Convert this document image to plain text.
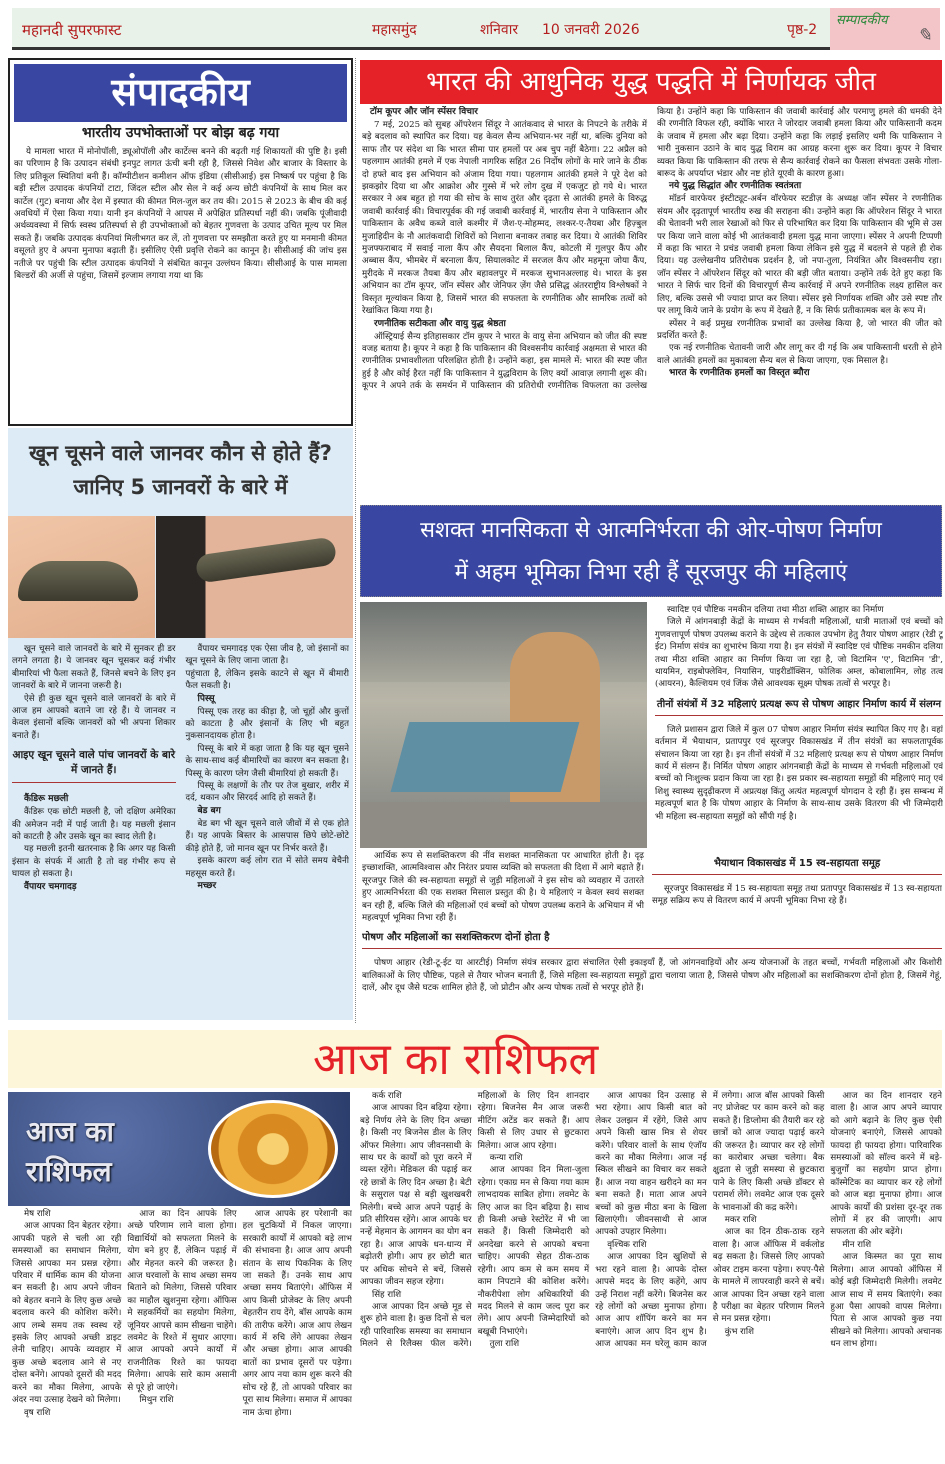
महानदी सुपरफास्ट	महासमुंद	शनिवार 10 जनवरी 2026	पृष्ठ-2
सम्पादकीय
✎
संपादकीय
भारतीय उपभोक्ताओं पर बोझ बढ़ गया

ये मामला भारत में मोनोपॉली, ड्यूओपॉली और कार्टेल्स बनने की बढ़ती गई शिकायतों की पुष्टि है। इसी का परिणाम है कि उत्पादन संबंधी इनपुट लागत ऊंची बनी रही है, जिससे निवेश और बाजार के विस्तार के लिए प्रतिकूल स्थितियां बनी हैं। कॉम्पीटीशन कमीशन ऑफ इंडिया (सीसीआई) इस निष्कर्ष पर पहुंचा है कि बड़ी स्टील उत्पादक कंपनियों टाटा, जिंदल स्टील और सेल ने कई अन्य छोटी कंपनियों के साथ मिल कर कार्टेल (गुट) बनाया और देश में इस्पात की कीमत मिल-जुल कर तय की। 2015 से 2023 के बीच की कई अवधियों में ऐसा किया गया। यानी इन कंपनियों ने आपस में अपेक्षित प्रतिस्पर्धा नहीं की। जबकि पूंजीवादी अर्थव्यवस्था में सिर्फ स्वस्थ प्रतिस्पर्धा से ही उपभोक्ताओं को बेहतर गुणवत्ता के उत्पाद उचित मूल्य पर मिल सकते हैं। जबकि उत्पादक कंपनियां मिलीभगत कर लें, तो गुणवत्ता पर समझौता करते हुए या मनमानी कीमत वसूलते हुए वे अपना मुनाफा बढ़ाती हैं। इसीलिए ऐसी प्रवृत्ति रोकने का कानून है। सीसीआई की जांच इस नतीजे पर पहुंची कि स्टील उत्पादक कंपनियों ने संबंधित कानून उल्लंघन किया। सीसीआई के पास मामला बिल्डरों की अर्जी से पहुंचा, जिसमें इल्जाम लगाया गया था कि

खून चूसने वाले जानवर कौन से होते हैं?
जानिए 5 जानवरों के बारे में

खून चूसने वाले जानवरों के बारे में सुनकर ही डर लगने लगता है। ये जानवर खून चूसकर कई गंभीर बीमारियां भी फैला सकते हैं, जिनसे बचने के लिए इन जानवरों के बारे में जानना जरूरी है।

ऐसे ही कुछ खून चूसने वाले जानवरों के बारे में आज हम आपको बताने जा रहे हैं। ये जानवर न केवल इंसानों बल्कि जानवरों को भी अपना शिकार बनाते हैं।

आइए खून चूसने वाले पांच जानवरों के बारे में जानते हैं।

कैंडिरू मछली

कैंडिरू एक छोटी मछली है, जो दक्षिण अमेरिका की अमेजन नदी में पाई जाती है। यह मछली इंसान को काटती है और उसके खून का स्वाद लेती है।

यह मछली इतनी खतरनाक है कि अगर यह किसी इंसान के संपर्क में आती है तो वह गंभीर रूप से घायल हो सकता है।

वैंपायर चमगादड़

वैंपायर चमगादड़ एक ऐसा जीव है, जो इंसानों का खून चूसने के लिए जाना जाता है।

पहुंचाता है, लेकिन इसके काटने से खून में बीमारी फैल सकती है।

पिस्सू

पिस्सू एक तरह का कीड़ा है, जो चूहों और कुत्तों को काटता है और इंसानों के लिए भी बहुत नुकसानदायक होता है।

पिस्सू के बारे में कहा जाता है कि यह खून चूसने के साथ-साथ कई बीमारियों का कारण बन सकता है। पिस्सू के कारण प्लेग जैसी बीमारियां हो सकती हैं।

पिस्सू के लक्षणों के तौर पर तेज बुखार, शरीर में दर्द, थकान और सिरदर्द आदि हो सकते हैं।

बेड बग

बेड बग भी खून चूसने वाले जीवों में से एक होते हैं। यह आपके बिस्तर के आसपास छिपे छोटे-छोटे कीड़े होते हैं, जो मानव खून पर निर्भर करते हैं।

इसके कारण कई लोग रात में सोते समय बेचैनी महसूस करते हैं।

मच्छर

भारत की आधुनिक युद्ध पद्धति में निर्णायक जीत

टॉम कूपर और जॉन स्पेंसर विचार

7 मई, 2025 को सुबह ऑपरेशन सिंदूर ने आतंकवाद से भारत के निपटने के तरीके में बड़े बदलाव को स्थापित कर दिया। यह केवल सैन्य अभियान-भर नहीं था, बल्कि दुनिया को साफ तौर पर संदेश था कि भारत सीमा पार हमलों पर अब चुप नहीं बैठेगा। 22 अप्रैल को पहलगाम आतंकी हमले में एक नेपाली नागरिक सहित 26 निर्दोष लोगों के मारे जाने के ठीक दो हफ्ते बाद इस अभियान को अंजाम दिया गया। पहलगाम आतंकी हमले ने पूरे देश को झकझोर दिया था और आक्रोश और गुस्से में भरे लोग दुख में एकजुट हो गये थे। भारत सरकार ने अब बहुत हो गया की सोच के साथ तुरंत और दृढ़ता से आतंकी हमले के विरुद्ध जवाबी कार्रवाई की। विचारपूर्वक की गई जवाबी कार्रवाई में, भारतीय सेना ने पाकिस्तान और पाकिस्तान के अवैध कब्जे वाले कश्मीर में जैश-ए-मोहम्मद, लश्कर-ए-तैयबा और हिज़्बुल मुजाहिदीन के नौ आतंकवादी शिविरों को निशाना बनाकर तबाह कर दिया। ये आतंकी शिविर मुजफ्फराबाद में सवाई नाला कैंप और सैयदना बिलाल कैंप, कोटली में गुलपुर कैंप और अब्बास कैंप, भीमबेर में बरनाला कैंप, सियालकोट में सरजल कैंप और महमूना जोया कैंप, मुरीदके में मरकज तैयबा कैंप और बहावलपुर में मरकज सुभानअल्लाह थे। भारत के इस अभियान का टॉम कूपर, जॉन स्पेंसर और जेनिफर ज़ेंग जैसे प्रसिद्ध अंतरराष्ट्रीय विश्लेषकों ने विस्तृत मूल्यांकन किया है, जिसमें भारत की सफलता के रणनीतिक और सामरिक तत्वों को रेखांकित किया गया है।

रणनीतिक सटीकता और वायु युद्ध श्रेष्ठता

ऑस्ट्रियाई सैन्य इतिहासकार टॉम कूपर ने भारत के वायु सेना अभियान को जीत की स्पष्ट वजह बताया है। कूपर ने कहा है कि पाकिस्तान की विश्वसनीय कार्रवाई अक्षमता से भारत की रणनीतिक प्रभावशीलता परिलक्षित होती है। उन्होंने कहा, इस मामले में: भारत की स्पष्ट जीत हुई है और कोई हैरत नहीं कि पाकिस्तान ने युद्धविराम के लिए क्यों आवाज़ लगानी शुरू की। कूपर ने अपने तर्क के समर्थन में पाकिस्तान की प्रतिरोधी रणनीतिक विफलता का उल्लेख किया है। उन्होंने कहा कि पाकिस्तान की जवाबी कार्रवाई और परमाणु हमले की धमकी देने की रणनीति विफल रही, क्योंकि भारत ने जोरदार जवाबी हमला किया और पाकिस्तानी कदम के जवाब में हमला और बढ़ा दिया। उन्होंने कहा कि लड़ाई इसलिए थमी कि पाकिस्तान ने भारी नुकसान उठाने के बाद युद्ध विराम का आग्रह करना शुरू कर दिया। कूपर ने विचार व्यक्त किया कि पाकिस्तान की तरफ से सैन्य कार्रवाई रोकने का फैसला संभवतः उसके गोला-बारूद के अपर्याप्त भंडार और नष्ट होते यूएवी के कारण हुआ।

नये युद्ध सिद्धांत और रणनीतिक स्वतंत्रता

मॉडर्न वारफेयर इंस्टीट्यूट-अर्बन वॉरफेयर स्टडीज़ के अध्यक्ष जॉन स्पेंसर ने रणनीतिक संयम और दृढ़तापूर्ण भारतीय रुख की सराहना की। उन्होंने कहा कि ऑपरेशन सिंदूर ने भारत की चेतावनी भरी लाल रेखाओं को फिर से परिभाषित कर दिया कि पाकिस्तान की भूमि से उस पर किया जाने वाला कोई भी आतंकवादी हमला युद्ध माना जाएगा। स्पेंसर ने अपनी टिप्पणी में कहा कि भारत ने प्रचंड जवाबी हमला किया लेकिन इसे युद्ध में बदलने से पहले ही रोक दिया। यह उल्लेखनीय प्रतिरोधक प्रदर्शन है, जो नपा-तुला, नियंत्रित और विश्वसनीय रहा। जॉन स्पेंसर ने ऑपरेशन सिंदूर को भारत की बड़ी जीत बताया। उन्होंने तर्क देते हुए कहा कि भारत ने सिर्फ चार दिनों की विचारपूर्ण सैन्य कार्रवाई में अपने रणनीतिक लक्ष्य हासिल कर लिए, बल्कि उससे भी ज्यादा प्राप्त कर लिया। स्पेंसर इसे निर्णायक शक्ति और उसे स्पष्ट तौर पर लागू किये जाने के प्रयोग के रूप में देखते हैं, न कि सिर्फ प्रतीकात्मक बल के रूप में।

स्पेंसर ने कई प्रमुख रणनीतिक प्रभावों का उल्लेख किया है, जो भारत की जीत को प्रदर्शित करते हैं:

एक नई रणनीतिक चेतावनी जारी और लागू कर दी गई कि अब पाकिस्तानी धरती से होने वाले आतंकी हमलों का मुकाबला सैन्य बल से किया जाएगा, एक मिसाल है।

भारत के रणनीतिक हमलों का विस्तृत ब्यौरा

सशक्त मानसिकता से आत्मनिर्भरता की ओर-पोषण निर्माण
में अहम भूमिका निभा रही हैं सूरजपुर की महिलाएं

स्वादिष्ट एवं पौष्टिक नमकीन दलिया तथा मीठा शक्ति आहार का निर्माण

जिले में आंगनबाड़ी केंद्रों के माध्यम से गर्भवती महिलाओं, धात्री माताओं एवं बच्चों को गुणवत्तापूर्ण पोषण उपलब्ध कराने के उद्देश्य से तत्काल उपभोग हेतु तैयार पोषण आहार (रेडी टू ईट) निर्माण संयंत्र का शुभारंभ किया गया है। इन संयंत्रों में स्वादिष्ट एवं पौष्टिक नमकीन दलिया तथा मीठा शक्ति आहार का निर्माण किया जा रहा है, जो विटामिन 'ए', विटामिन 'डी', थायमिन, राइबोफ्लेविन, नियासिन, पाइरीडॉक्सिन, फोलिक अम्ल, कोबालामिन, लोह तत्व (आयरन), कैल्शियम एवं जिंक जैसे आवश्यक सूक्ष्म पोषक तत्वों से भरपूर है।

तीनों संयंत्रों में 32 महिलाएं प्रत्यक्ष रूप से पोषण आहार निर्माण कार्य में संलग्न

जिले प्रशासन द्वारा जिले में कुल 07 पोषण आहार निर्माण संयंत्र स्थापित किए गए है। वहां वर्तमान में भैयाथान, प्रतापपुर एवं सूरजपुर विकासखंड में तीन संयंत्रों का सफलतापूर्वक संचालन किया जा रहा है। इन तीनों संयंत्रों में 32 महिलाएं प्रत्यक्ष रूप से पोषण आहार निर्माण कार्य में संलग्न हैं। निर्मित पोषण आहार आंगनबाड़ी केंद्रों के माध्यम से गर्भवती महिलाओं एवं बच्चों को निःशुल्क प्रदान किया जा रहा है। इस प्रकार स्व-सहायता समूहों की महिलाएं मातृ एवं शिशु स्वास्थ्य सुदृढ़ीकरण में अप्रत्यक्ष किंतु अत्यंत महत्वपूर्ण योगदान दे रही हैं। इस सम्बन्ध में महत्वपूर्ण बात है कि पोषण आहार के निर्माण के साथ-साथ उसके वितरण की भी जिम्मेदारी भी महिला स्व-सहायता समूहों को सौंपी गई है।

भैयाथान विकासखंड में 15 स्व-सहायता समूह

सूरजपुर विकासखंड में 15 स्व-सहायता समूह तथा प्रतापपुर विकासखंड में 13 स्व-सहायता समूह सक्रिय रूप से वितरण कार्य में अपनी भूमिका निभा रहे हैं।

आर्थिक रूप से सशक्तिकरण की नींव सशक्त मानसिकता पर आधारित होती है। दृढ़ इच्छाशक्ति, आत्मविश्वास और निरंतर प्रयास व्यक्ति को सफलता की दिशा में आगे बढ़ाते हैं। सूरजपुर जिले की स्व-सहायता समूहों से जुड़ी महिलाओं ने इस सोच को व्यवहार में उतारते हुए आत्मनिर्भरता की एक सशक्त मिसाल प्रस्तुत की है। ये महिलाएं न केवल स्वयं सशक्त बन रही हैं, बल्कि जिले की महिलाओं एवं बच्चों को पोषण उपलब्ध कराने के अभियान में भी महत्वपूर्ण भूमिका निभा रही हैं।

पोषण और महिलाओं का सशक्तिकरण दोनों होता है

पोषण आहार (रेडी-टू-ईट या आरटीई) निर्माण संयंत्र सरकार द्वारा संचालित ऐसी इकाइयाँ हैं, जो आंगनवाड़ियों और अन्य योजनाओं के तहत बच्चों, गर्भवती महिलाओं और किशोरी बालिकाओं के लिए पौष्टिक, पहले से तैयार भोजन बनाती हैं, जिसे महिला स्व-सहायता समूहों द्वारा चलाया जाता है, जिससे पोषण और महिलाओं का सशक्तिकरण दोनों होता है, जिसमें गेहूं, दालें, और दूध जैसे घटक शामिल होते हैं, जो प्रोटीन और अन्य पोषक तत्वों से भरपूर होते हैं।

आज का राशिफल
आज का
राशिफल

मेष राशि

आज आपका दिन बेहतर रहेगा। आपकी पहले से चली आ रही समस्याओं का समाधान मिलेगा, जिससे आपका मन प्रसन्न रहेगा। परिवार में धार्मिक काम की योजना बन सकती है। आप अपने जीवन को बेहतर बनाने के लिए कुछ अच्छे बदलाव करने की कोशिश करेंगे। आप लम्बे समय तक स्वस्थ रहें इसके लिए आपको अच्छी डाइट लेनी चाहिए। आपके व्यवहार में कुछ अच्छे बदलाव आने से नए दोस्त बनेंगे। आपको दूसरों की मदद करने का मौका मिलेगा, आपके अंदर नया उत्साह देखने को मिलेगा।

वृष राशि

आज का दिन आपके लिए अच्छे परिणाम लाने वाला होगा। विद्यार्थियों को सफलता मिलने के योग बने हुए हैं, लेकिन पढ़ाई में और मेहनत करने की जरूरत है। आज घरवालों के साथ अच्छा समय बिताने को मिलेगा, जिससे परिवार का माहौल खुशनुमा रहेगा। ऑफिस मे सहकर्मियों का सहयोग मिलेगा, जूनियर आपसे काम सीखना चाहेंगे। लवमेट के रिश्ते में सुधार आएगा। आज आपको अपने कार्यों में राजनीतिक रिश्ते का फायदा मिलेगा। आपके सारे काम असानी से पूरे हो जाएंगे।

मिथुन राशि

आज आपके हर परेशानी का हल चुटकियों में निकल जाएगा। सरकारी कार्यों में आपको बड़े लाभ की संभावना है। आज आप अपनी संतान के साथ पिकनिक के लिए जा सकते हैं। उनके साथ आप अच्छा समय बिताएंगे। ऑफिस में आप किसी प्रोजेक्ट के लिए अपनी बेहतरीन राय देंगे, बॉस आपके काम की तारीफ करेंगे। आज आप लेखन कार्य में रुचि लेंगे आपका लेखन और अच्छा होगा। आज आपकी बातों का प्रभाव दूसरों पर पड़ेगा। अगर आप नया काम शुरू करने की सोच रहे हैं, तो आपको परिवार का पूरा साथ मिलेगा। समाज में आपका नाम ऊंचा होगा।

कर्क राशि

आज आपका दिन बढ़िया रहेगा। बड़े निर्णय लेने के लिए दिन अच्छा है। किसी नए बिजनेस डील के लिए ऑफर मिलेगा। आप जीवनसाथी के साथ घर के कार्यों को पूरा करने में व्यस्त रहेंगे। मेडिकल की पढ़ाई कर रहे छात्रों के लिए दिन अच्छा है। बेटी के ससुराल पक्ष से बड़ी खुशखबरी मिलेगी। बच्चे आज अपने पढ़ाई के प्रति सीरियस रहेंगे। आज आपके घर नन्हें मेहमान के आगमन का योग बन रहा है। आज आपके धन-धान्य में बढ़ोतरी होगी। आप हर छोटी बात पर अधिक सोचने से बचें, जिससे आपका जीवन सहज रहेगा।

सिंह राशि

आज आपका दिन अच्छे मूड से शुरू होने वाला है। कुछ दिनों से चल रही पारिवारिक समस्या का समाधान मिलने से रिलैक्स फील करेंगे। महिलाओं के लिए दिन शानदार रहेगा। बिजनेस मैन आज जरूरी मीटिंग अटेंड कर सकते हैं। आप किसी से लिए उधार से छुटकारा मिलेगा। आज आप रहेगा।

कन्या राशि

आज आपका दिन मिला-जुला रहेगा। एकाग्र मन से किया गया काम लाभदायक साबित होगा। लवमेट के लिए आज का दिन बढ़िया है। साथ ही किसी अच्छे रेस्टोरेंट में भी जा सकते हैं। किसी जिम्मेदारी को अनदेखा करने से आपको बचना चाहिए। आपकी सेहत ठीक-ठाक रहेगी। आप कम से कम समय में काम निपटाने की कोशिश करेंगे। नौकरीपेशा लोग अधिकारियों की मदद मिलने से काम जल्द पूरा कर लेंगे। आप अपनी जिम्मेदारियों को बखूबी निभाएंगे।

तुला राशि

आज आपका दिन उत्साह से भरा रहेगा। आप किसी बात को लेकर उलझन में रहेंगे, जिसे आप अपने किसी खास मित्र से शेयर करेंगे। परिवार वालों के साथ एंजॉय करने का मौका मिलेगा। आज नई स्किल सीखने का विचार कर सकते हैं। आज नया वाहन खरीदने का मन बना सकते हैं। माता आज अपने बच्चों को कुछ मीठा बना के खिला खिलाएंगी। जीवनसाथी से आज आपको उपहार मिलेगा।

वृश्चिक राशि

आज आपका दिन खुशियों से भरा रहने वाला है। आपके दोस्त आपसे मदद के लिए कहेंगे, आप उन्हें निराश नहीं करेंगे। बिजनेस कर रहे लोगों को अच्छा मुनाफा होगा। आज आप शॉपिंग करने का मन बनाएंगे। आज आप दिन शुभ है। आज आपका मन घरेलू काम काज में लगेगा। आज बॉस आपको किसी नए प्रोजेक्ट पर काम करने को कह सकते हैं। डिप्लोमा की तैयारी कर रहे छात्रों को आज ज्यादा पढ़ाई करने की जरूरत है। व्यापार कर रहे लोगों का कारोबार अच्छा चलेगा। बैक क्षुद्रता से जुड़ी समस्या से छुटकारा पाने के लिए किसी अच्छे डॉक्टर से परामर्श लेंगे। लवमेट आज एक दूसरे के भावनाओं की कद्र करेंगे।

मकर राशि

आज का दिन ठीक-ठाक रहने वाला है। आज ऑफिस में वर्कलोड बढ़ सकता है। जिससे लिए आपको ओवर टाइम करना पड़ेगा। रुपए-पैसे के मामले में लापरवाही करने से बचें। आज आपका दिन अच्छा रहने वाला है परीक्षा का बेहतर परिणाम मिलने से मन प्रसन्न रहेगा।

कुंभ राशि

आज का दिन शानदार रहने वाला है। आज आप अपने व्यापार को आगे बढ़ाने के लिए कुछ ऐसी योजनाएं बनाएंगे, जिससे आपको फायदा ही फायदा होगा। पारिवारिक समस्याओं को सॉल्व करने में बड़े-बुजुर्गों का सहयोग प्राप्त होगा। कॉस्मेटिक का व्यापार कर रहे लोगों को आज बड़ा मुनाफा होगा। आज आपके कार्यों की प्रशंसा दूर-दूर तक लोगों में हर की जाएगी। आप सफलता की ओर बढ़ेंगे।

मीन राशि

आज किस्मत का पूरा साथ मिलेगा। आज आपको ऑफिस में कोई बड़ी जिम्मेदारी मिलेगी। लवमेट आज साथ में समय बिताएंगे। रुका हुआ पैसा आपको वापस मिलेगा। पिता से आज आपको कुछ नया सीखने को मिलेगा। आपको अचानक धन लाभ होगा।
